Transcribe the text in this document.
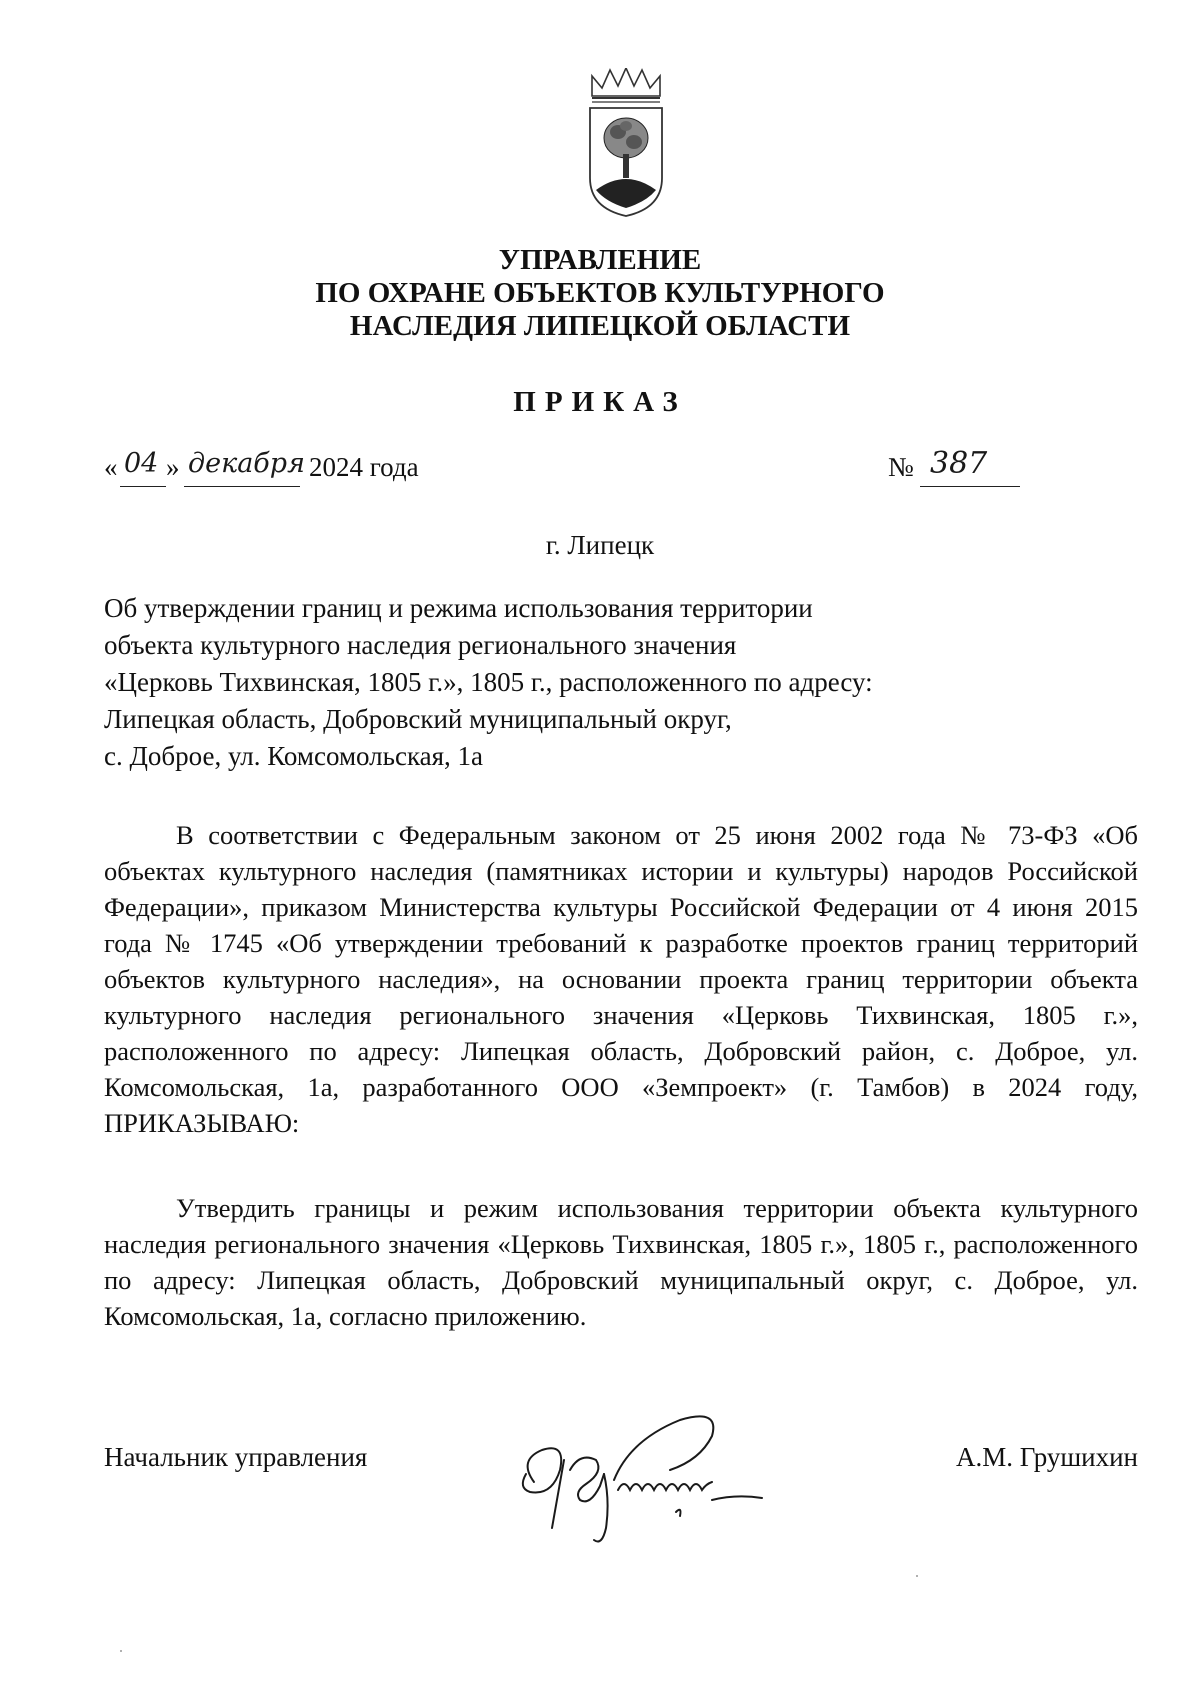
УПРАВЛЕНИЕ
ПО ОХРАНЕ ОБЪЕКТОВ КУЛЬТУРНОГО
НАСЛЕДИЯ ЛИПЕЦКОЙ ОБЛАСТИ
ПРИКАЗ
« 04 » декабря 2024 года	№ 387
г. Липецк
Об утверждении границ и режима использования территории
объекта культурного наследия регионального значения
«Церковь Тихвинская, 1805 г.», 1805 г., расположенного по адресу:
Липецкая область, Добровский муниципальный округ,
с. Доброе, ул. Комсомольская, 1а
В соответствии с Федеральным законом от 25 июня 2002 года № 73-ФЗ «Об объектах культурного наследия (памятниках истории и культуры) народов Российской Федерации», приказом Министерства культуры Российской Федерации от 4 июня 2015 года № 1745 «Об утверждении требований к разработке проектов границ территорий объектов культурного наследия», на основании проекта границ территории объекта культурного наследия регионального значения «Церковь Тихвинская, 1805 г.», расположенного по адресу: Липецкая область, Добровский район, с. Доброе, ул. Комсомольская, 1а, разработанного ООО «Земпроект» (г. Тамбов) в 2024 году, ПРИКАЗЫВАЮ:
Утвердить границы и режим использования территории объекта культурного наследия регионального значения «Церковь Тихвинская, 1805 г.», 1805 г., расположенного по адресу: Липецкая область, Добровский муниципальный округ, с. Доброе, ул. Комсомольская, 1а, согласно приложению.
Начальник управления	А.М. Грушихин
